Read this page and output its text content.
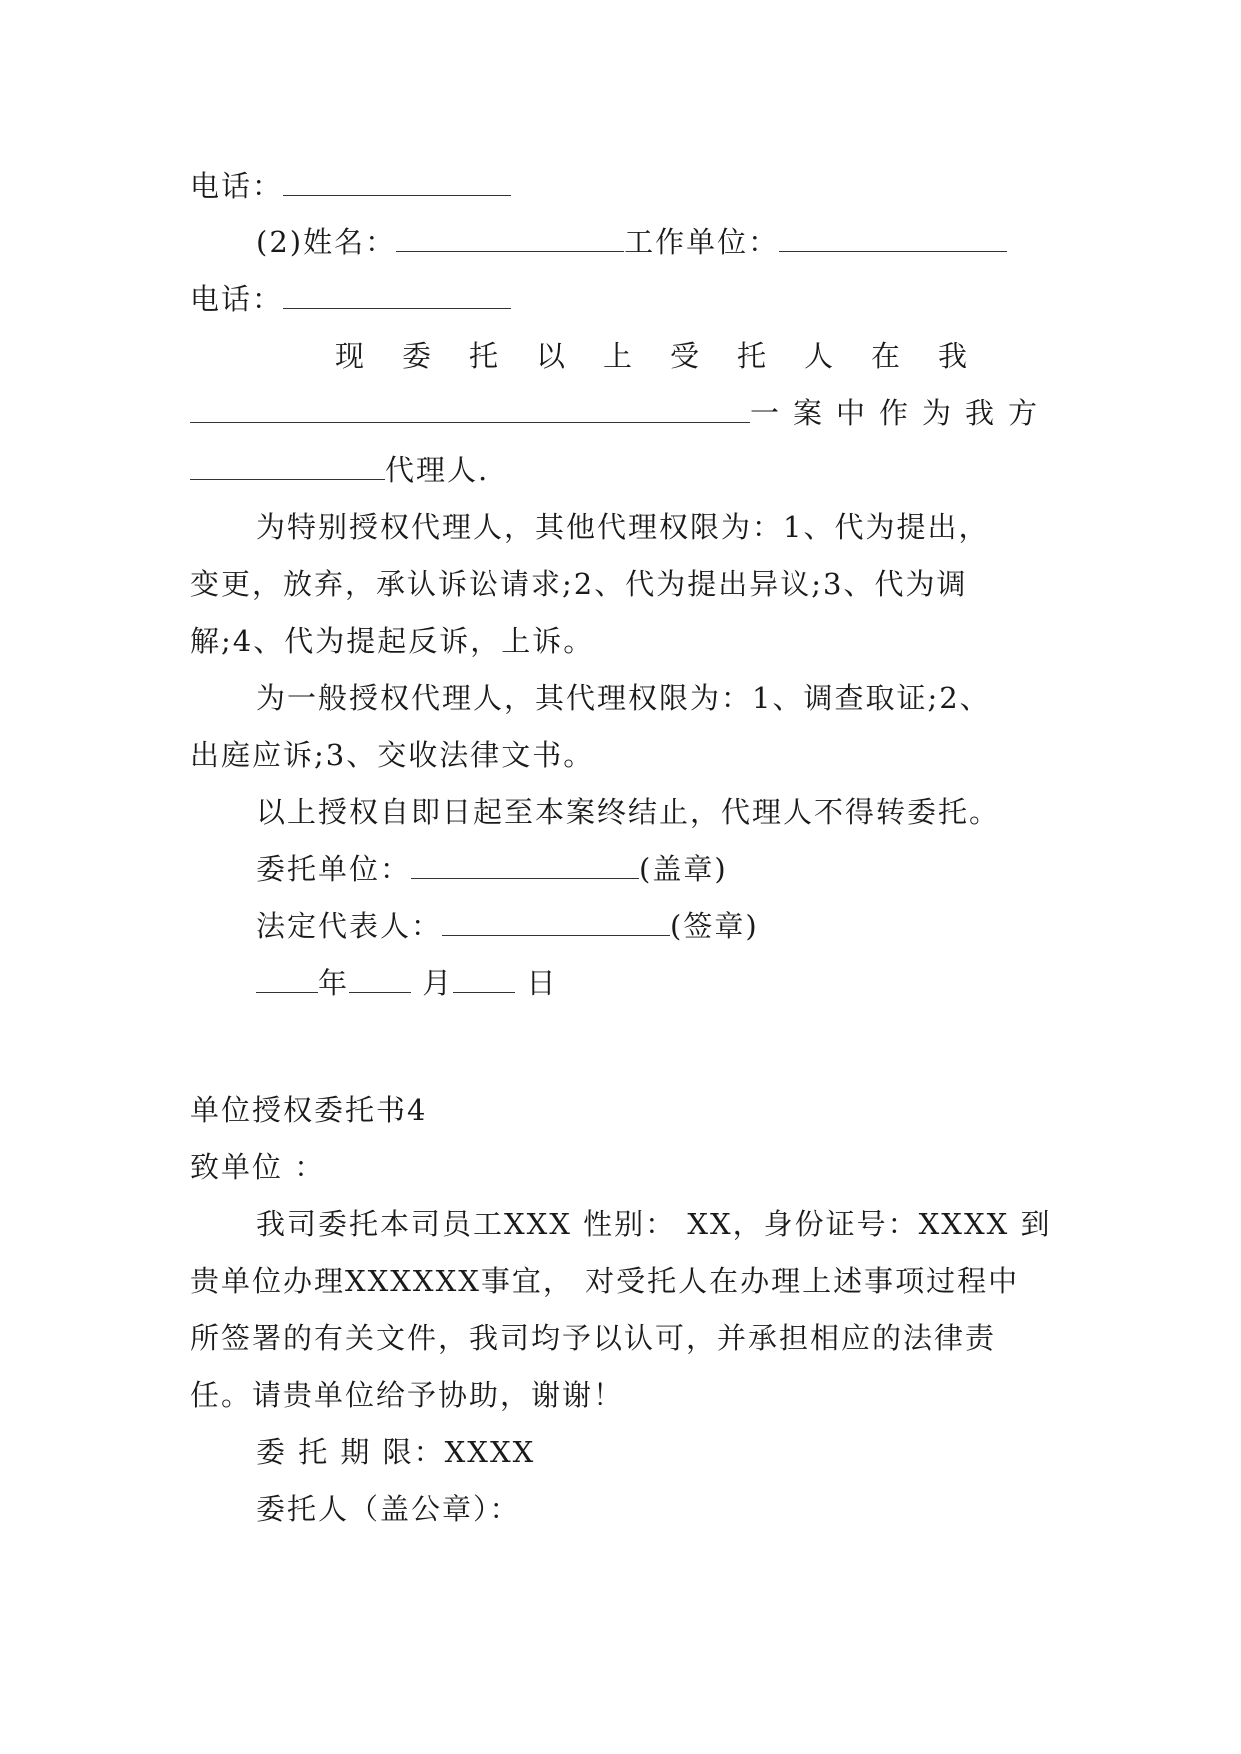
电话：
(2)姓名：	工作单位：
电话：
现委托以上受托人在我
一案中作为我方
代理人.
为特别授权代理人，其他代理权限为：1、代为提出，
变更，放弃，承认诉讼请求;2、代为提出异议;3、代为调
解;4、代为提起反诉，上诉。
为一般授权代理人，其代理权限为：1、调查取证;2、
出庭应诉;3、交收法律文书。
以上授权自即日起至本案终结止，代理人不得转委托。
委托单位：	(盖章)
法定代表人：	(签章)
年	月	日
单位授权委托书4
致单位 ：
我司委托本司员工XXX 性别： XX，身份证号：XXXX 到
贵单位办理XXXXXX事宜， 对受托人在办理上述事项过程中
所签署的有关文件，我司均予以认可，并承担相应的法律责
任。请贵单位给予协助，谢谢！
委 托 期 限：XXXX
委托人（盖公章）：
